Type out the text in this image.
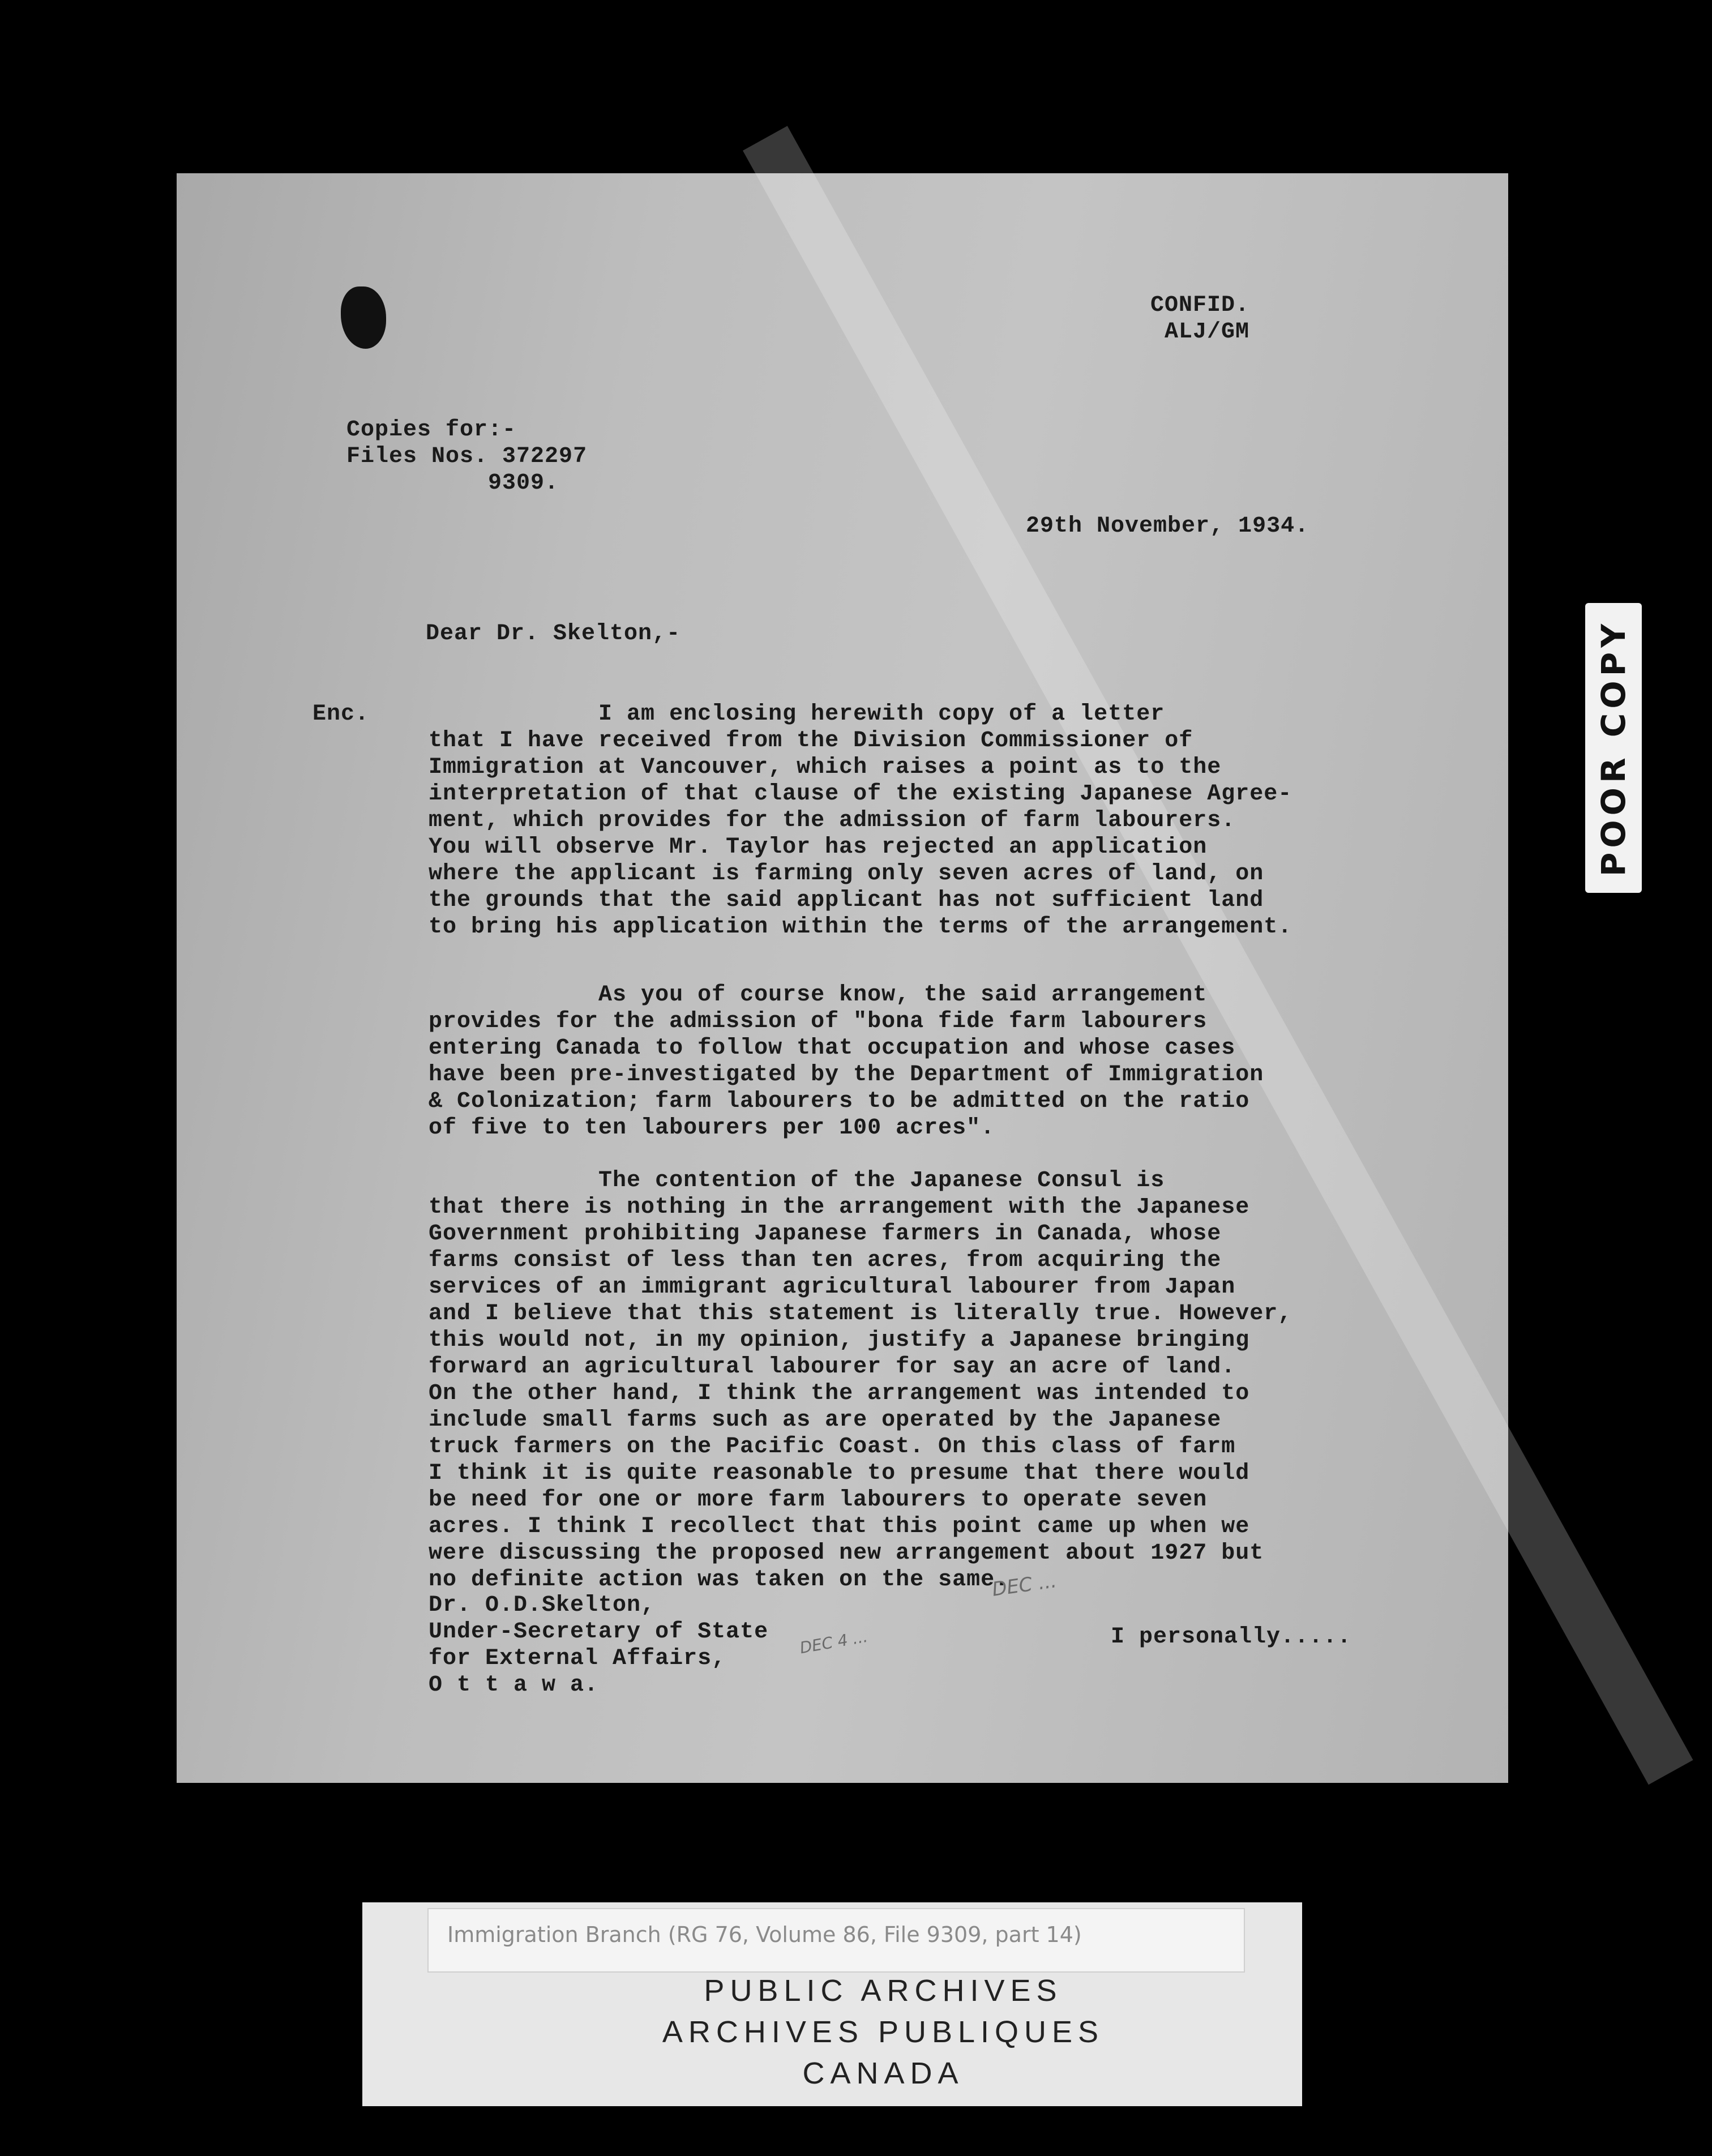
CONFID.
ALJ/GM
Copies for:-
Files Nos. 372297
9309.
29th November, 1934.
Dear Dr. Skelton,-
Enc.	I am enclosing herewith copy of a letter
that I have received from the Division Commissioner of
Immigration at Vancouver, which raises a point as to the
interpretation of that clause of the existing Japanese Agree-
ment, which provides for the admission of farm labourers.
You will observe Mr. Taylor has rejected an application
where the applicant is farming only seven acres of land, on
the grounds that the said applicant has not sufficient land
to bring his application within the terms of the arrangement.
As you of course know, the said arrangement
provides for the admission of "bona fide farm labourers
entering Canada to follow that occupation and whose cases
have been pre-investigated by the Department of Immigration
& Colonization; farm labourers to be admitted on the ratio
of five to ten labourers per 100 acres".
The contention of the Japanese Consul is
that there is nothing in the arrangement with the Japanese
Government prohibiting Japanese farmers in Canada, whose
farms consist of less than ten acres, from acquiring the
services of an immigrant agricultural labourer from Japan
and I believe that this statement is literally true. However,
this would not, in my opinion, justify a Japanese bringing
forward an agricultural labourer for say an acre of land.
On the other hand, I think the arrangement was intended to
include small farms such as are operated by the Japanese
truck farmers on the Pacific Coast. On this class of farm
I think it is quite reasonable to presume that there would
be need for one or more farm labourers to operate seven
acres. I think I recollect that this point came up when we
were discussing the proposed new arrangement about 1927 but
no definite action was taken on the same.
I personally.....
Dr. O.D.Skelton,
Under-Secretary of State
for External Affairs,
O t t a w a.
DEC ...
DEC 4 ...
POOR COPY
Immigration Branch (RG 76, Volume 86, File 9309, part 14)
PUBLIC ARCHIVES
ARCHIVES PUBLIQUES
CANADA
